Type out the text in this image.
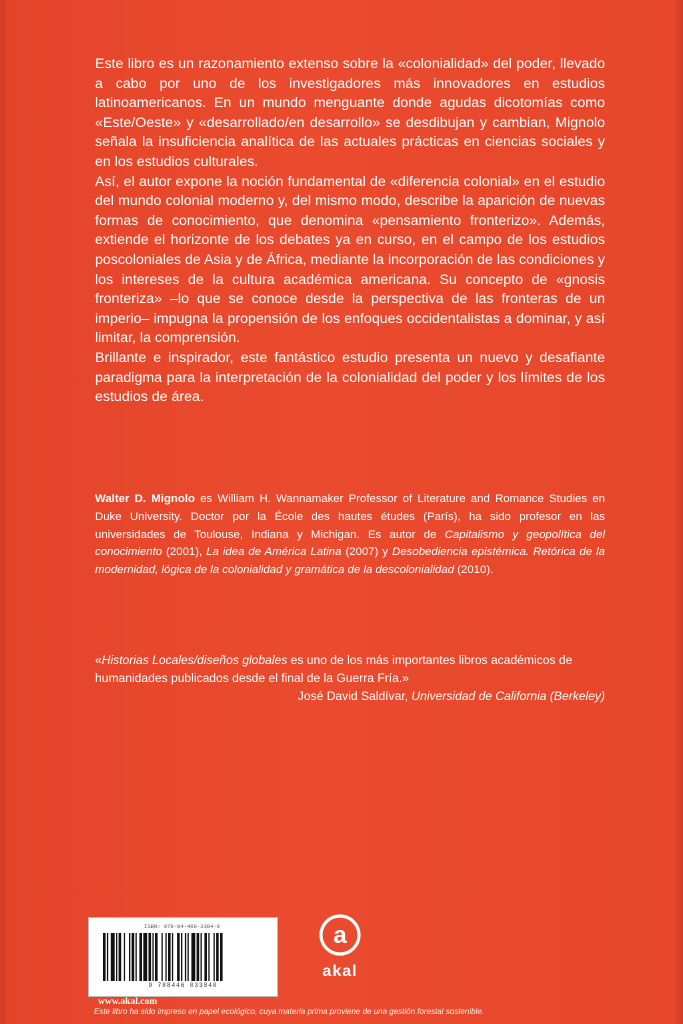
Este libro es un razonamiento extenso sobre la «colonialidad» del poder, llevado a cabo por uno de los investigadores más innovadores en estudios latinoamericanos. En un mundo menguante donde agudas dicotomías como «Este/Oeste» y «desarrollado/en desarrollo» se desdibujan y cambian, Mignolo señala la insuficiencia analítica de las actuales prácticas en ciencias sociales y en los estudios culturales.

Así, el autor expone la noción fundamental de «diferencia colonial» en el estudio del mundo colonial moderno y, del mismo modo, describe la aparición de nuevas formas de conocimiento, que denomina «pensamiento fronterizo». Además, extiende el horizonte de los debates ya en curso, en el campo de los estudios poscoloniales de Asia y de África, mediante la incorporación de las condiciones y los intereses de la cultura académica americana. Su concepto de «gnosis fronteriza» –lo que se conoce desde la perspectiva de las fronteras de un imperio– impugna la propensión de los enfoques occidentalistas a dominar, y así limitar, la comprensión.

Brillante e inspirador, este fantástico estudio presenta un nuevo y desafiante paradigma para la interpretación de la colonialidad del poder y los límites de los estudios de área.

Walter D. Mignolo es William H. Wannamaker Professor of Literature and Romance Studies en Duke University. Doctor por la École des hautes études (París), ha sido profesor en las universidades de Toulouse, Indiana y Michigan. Es autor de Capitalismo y geopolítica del conocimiento (2001), La idea de América Latina (2007) y Desobediencia epistémica. Retórica de la modernidad, lógica de la colonialidad y gramática de la descolonialidad (2010).

«Historias Locales/diseños globales es uno de los más importantes libros académicos de humanidades publicados desde el final de la Guerra Fría.»

José David Saldívar, Universidad de California (Berkeley)

ISBN: 978-84-460-3384-0
9 788446 033840
www.akal.com
a
akal
Este libro ha sido impreso en papel ecológico, cuya materia prima proviene de una gestión forestal sostenible.
